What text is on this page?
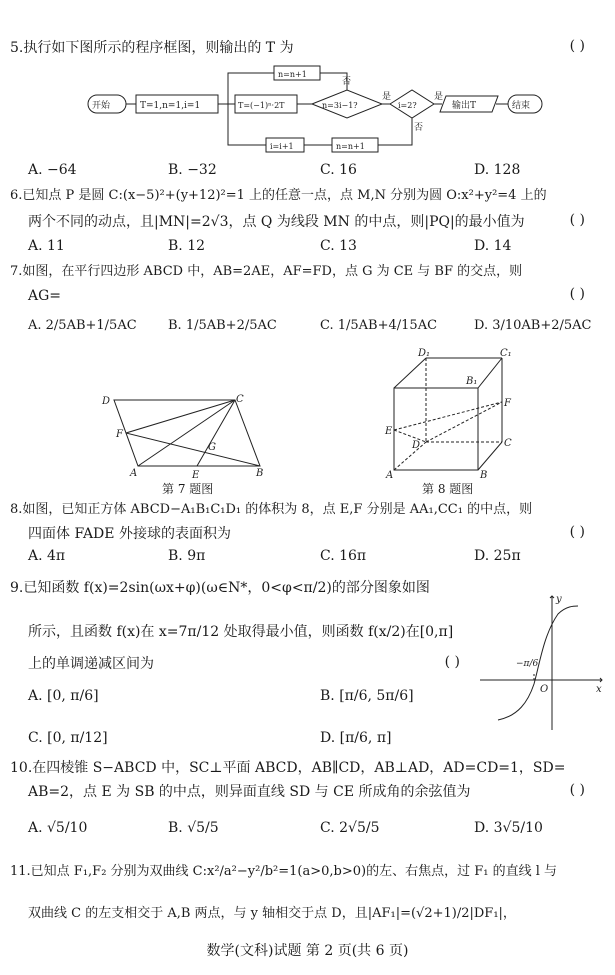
5.执行如下图所示的程序框图，则输出的 T 为	( )
开始	T=1,n=1,i=1	T=(−1)ⁿ·2T	n=3i−1?	i=2?	输出T	结束
n=n+1
i=i+1	n=n+1
否
是	是
否
A. −64	B. −32	C. 16	D. 128
6.已知点 P 是圆 C:(x−5)²+(y+12)²=1 上的任意一点，点 M,N 分别为圆 O:x²+y²=4 上的
两个不同的动点，且|MN|=2√3，点 Q 为线段 MN 的中点，则|PQ|的最小值为	( )
A. 11	B. 12	C. 13	D. 14
7.如图，在平行四边形 ABCD 中，AB=2AE，AF=FD，点 G 为 CE 与 BF 的交点，则
AG=	( )
A. 2/5AB+1/5AC B. 1/5AB+2/5AC	C. 1/5AB+4/15AC	D. 3/10AB+2/5AC
D	C
A	B
E
F
G
第 7 题图
D₁	C₁
B₁
E
F
D	C
A	B
第 8 题图
8.如图，已知正方体 ABCD−A₁B₁C₁D₁ 的体积为 8，点 E,F 分别是 AA₁,CC₁ 的中点，则
四面体 FADE 外接球的表面积为	( )
A. 4π	B. 9π	C. 16π	D. 25π
9.已知函数 f(x)=2sin(ωx+φ)(ω∈N*，0<φ<π/2)的部分图象如图
所示，且函数 f(x)在 x=7π/12 处取得最小值，则函数 f(x/2)在[0,π]
上的单调递减区间为	( )
y
x
O
−π/6
A. [0, π/6]	B. [π/6, 5π/6]
C. [0, π/12]	D. [π/6, π]
10.在四棱锥 S−ABCD 中，SC⊥平面 ABCD，AB∥CD，AB⊥AD，AD=CD=1，SD=
AB=2，点 E 为 SB 的中点，则异面直线 SD 与 CE 所成角的余弦值为	( )
A. √5/10	B. √5/5	C. 2√5/5	D. 3√5/10
11.已知点 F₁,F₂ 分别为双曲线 C:x²/a²−y²/b²=1(a>0,b>0)的左、右焦点，过 F₁ 的直线 l 与
双曲线 C 的左支相交于 A,B 两点，与 y 轴相交于点 D，且|AF₁|=(√2+1)/2|DF₁|，
数学(文科)试题 第 2 页(共 6 页)
